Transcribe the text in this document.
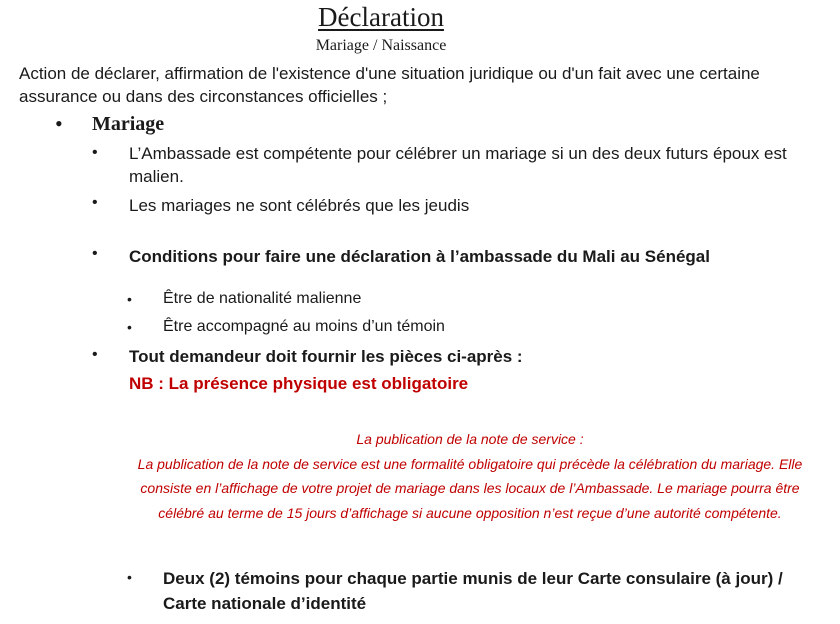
Déclaration
Mariage / Naissance
Action de déclarer, affirmation de l'existence d'une situation juridique ou d'un fait avec une certaine assurance ou dans des circonstances officielles ;
• Mariage
• L’Ambassade est compétente pour célébrer un mariage si un des deux futurs époux est malien.
• Les mariages ne sont célébrés que les jeudis
• Conditions pour faire une déclaration à l’ambassade du Mali au Sénégal
• Être de nationalité malienne
• Être accompagné au moins d’un témoin
• Tout demandeur doit fournir les pièces ci-après :
NB : La présence physique est obligatoire
La publication de la note de service :
La publication de la note de service est une formalité obligatoire qui précède la célébration du mariage. Elle consiste en l’affichage de votre projet de mariage dans les locaux de l’Ambassade. Le mariage pourra être célébré au terme de 15 jours d’affichage si aucune opposition n’est reçue d’une autorité compétente.
• Deux (2) témoins pour chaque partie munis de leur Carte consulaire (à jour) / Carte nationale d’identité
